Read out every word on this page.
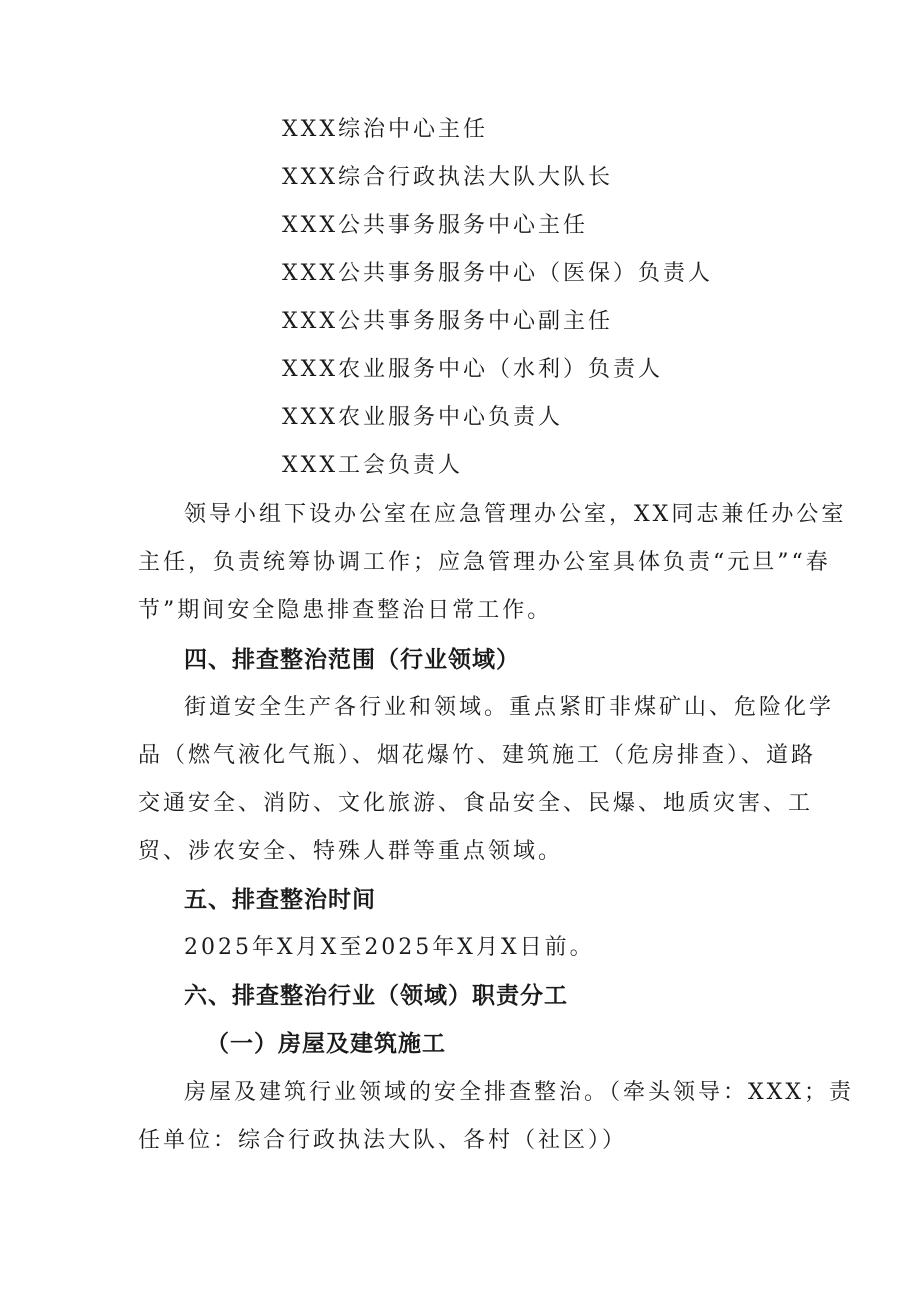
XXX综治中心主任
XXX综合行政执法大队大队长
XXX公共事务服务中心主任
XXX公共事务服务中心（医保）负责人
XXX公共事务服务中心副主任
XXX农业服务中心（水利）负责人
XXX农业服务中心负责人
XXX工会负责人
领导小组下设办公室在应急管理办公室，XX同志兼任办公室
主任，负责统筹协调工作；应急管理办公室具体负责“元旦”“春
节”期间安全隐患排查整治日常工作。
四、排查整治范围（行业领域）
街道安全生产各行业和领域。重点紧盯非煤矿山、危险化学
品（燃气液化气瓶）、烟花爆竹、建筑施工（危房排查）、道路
交通安全、消防、文化旅游、食品安全、民爆、地质灾害、工
贸、涉农安全、特殊人群等重点领域。
五、排查整治时间
2025年X月X至2025年X月X日前。
六、排查整治行业（领域）职责分工
（一）房屋及建筑施工
房屋及建筑行业领域的安全排查整治。（牵头领导：XXX；责
任单位：综合行政执法大队、各村（社区））
